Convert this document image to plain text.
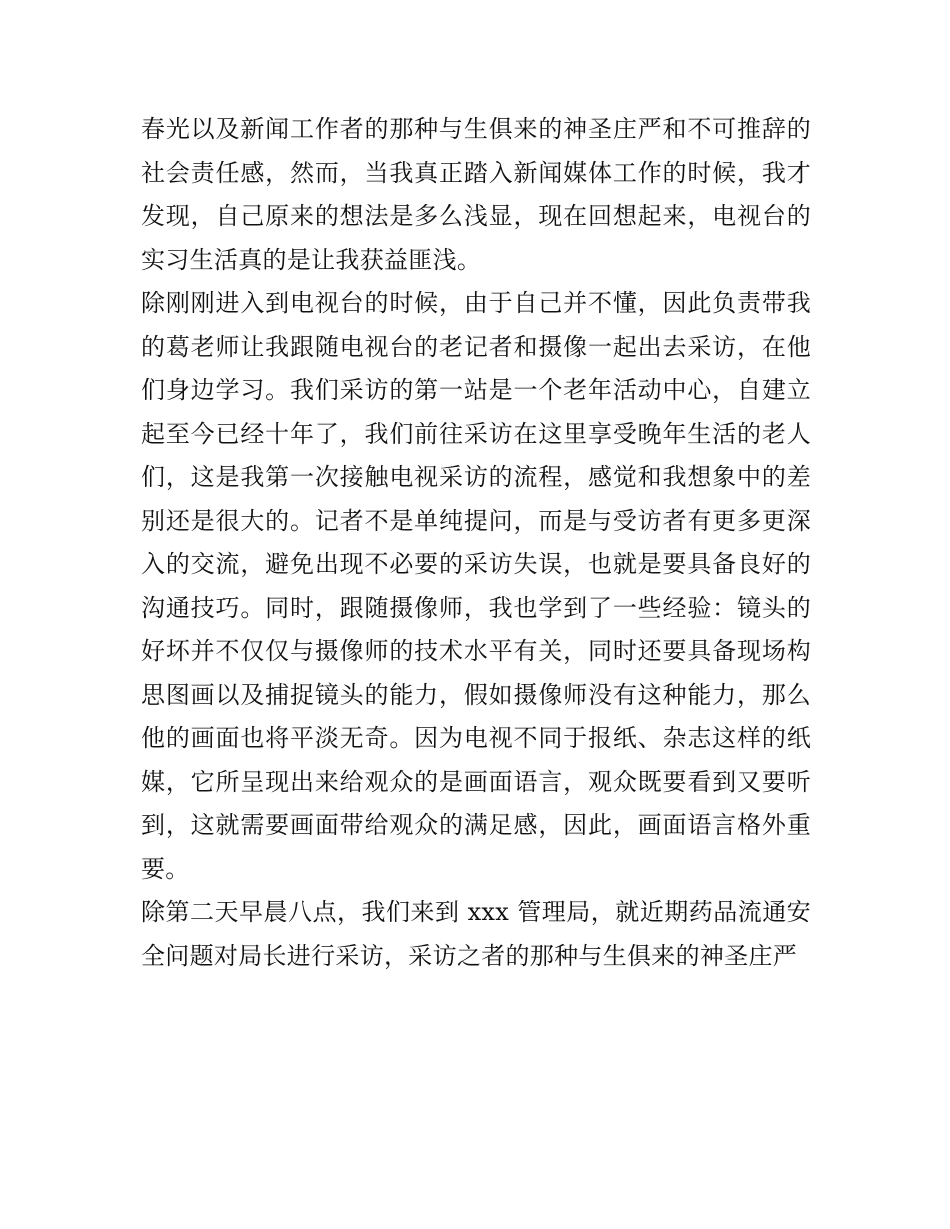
春光以及新闻工作者的那种与生俱来的神圣庄严和不可推辞的社会责任感，然而，当我真正踏入新闻媒体工作的时候，我才发现，自己原来的想法是多么浅显，现在回想起来，电视台的实习生活真的是让我获益匪浅。

除刚刚进入到电视台的时候，由于自己并不懂，因此负责带我的葛老师让我跟随电视台的老记者和摄像一起出去采访，在他们身边学习。我们采访的第一站是一个老年活动中心，自建立起至今已经十年了，我们前往采访在这里享受晚年生活的老人们，这是我第一次接触电视采访的流程，感觉和我想象中的差别还是很大的。记者不是单纯提问，而是与受访者有更多更深入的交流，避免出现不必要的采访失误，也就是要具备良好的沟通技巧。同时，跟随摄像师，我也学到了一些经验：镜头的好坏并不仅仅与摄像师的技术水平有关，同时还要具备现场构思图画以及捕捉镜头的能力，假如摄像师没有这种能力，那么他的画面也将平淡无奇。因为电视不同于报纸、杂志这样的纸媒，它所呈现出来给观众的是画面语言，观众既要看到又要听到，这就需要画面带给观众的满足感，因此，画面语言格外重要。

除第二天早晨八点，我们来到 xxx 管理局，就近期药品流通安全问题对局长进行采访，采访之者的那种与生俱来的神圣庄严
